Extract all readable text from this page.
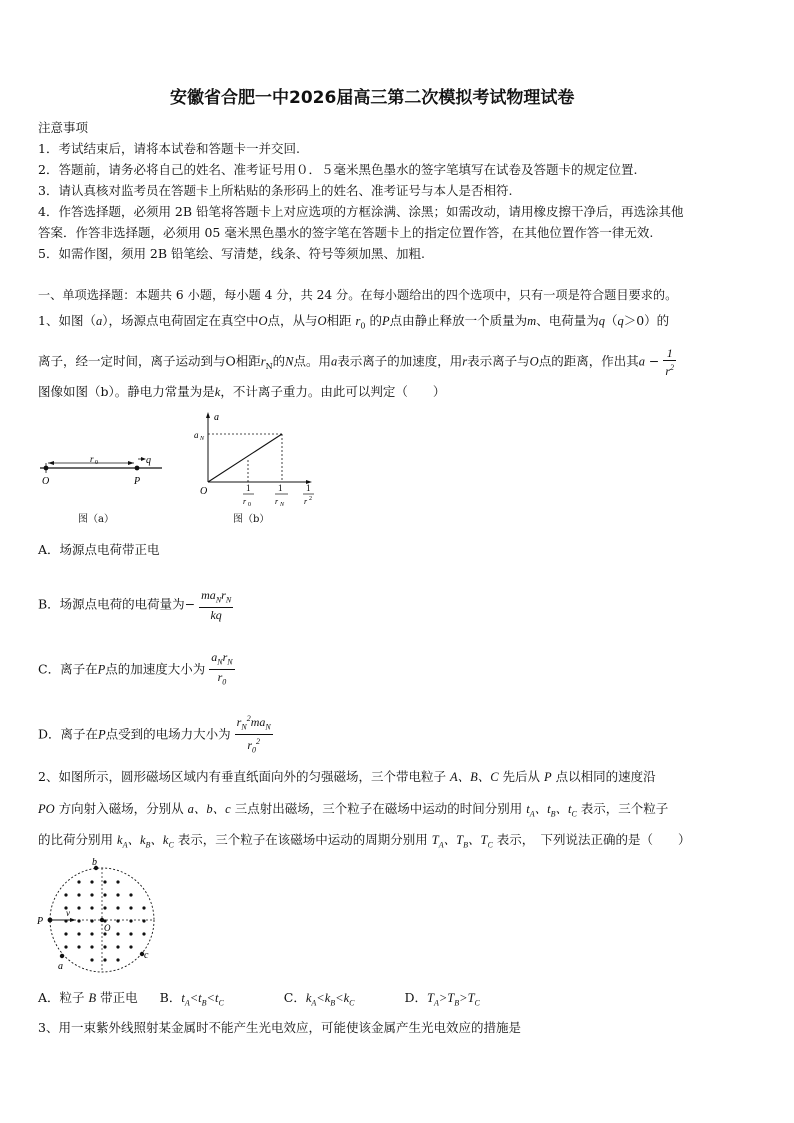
安徽省合肥一中2026届高三第二次模拟考试物理试卷
注意事项
1．考试结束后，请将本试卷和答题卡一并交回.
2．答题前，请务必将自己的姓名、准考证号用０．５毫米黑色墨水的签字笔填写在试卷及答题卡的规定位置.
3．请认真核对监考员在答题卡上所粘贴的条形码上的姓名、准考证号与本人是否相符.
4．作答选择题，必须用 2B 铅笔将答题卡上对应选项的方框涂满、涂黑；如需改动，请用橡皮擦干净后，再选涂其他
答案．作答非选择题，必须用 05 毫米黑色墨水的签字笔在答题卡上的指定位置作答，在其他位置作答一律无效.
5．如需作图，须用 2B 铅笔绘、写清楚，线条、符号等须加黑、加粗.
一、单项选择题：本题共 6 小题，每小题 4 分，共 24 分。在每小题给出的四个选项中，只有一项是符合题目要求的。
1、如图（a），场源点电荷固定在真空中O点，从与O相距 $r_0$ 的P点由静止释放一个质量为m、电荷量为q（q＞0）的
离子，经一定时间，离子运动到与O相距$r_N$的N点。用a表示离子的加速度，用r表示离子与O点的距离，作出其$a - \frac{1}{r^2}$
图像如图（b）。静电力常量为是k，不计离子重力。由此可以判定（　　）
r 0	q
O	P
图（a）
a
a N
O	1
r 0
1
r N
1
r 2
图（b）
A．场源点电荷带正电
B．场源点电荷的电荷量为− $\frac{ma_Nr_N}{kq}$
C．离子在P点的加速度大小为 $\frac{a_Nr_N}{r_0}$
D．离子在P点受到的电场力大小为 $\frac{r_N^2ma_N}{r_0^2}$
2、如图所示，圆形磁场区域内有垂直纸面向外的匀强磁场，三个带电粒子 A、B、C 先后从 P 点以相同的速度沿
PO 方向射入磁场，分别从 a、b、c 三点射出磁场，三个粒子在磁场中运动的时间分别用 $t_A$、$t_B$、$t_C$ 表示，三个粒子
的比荷分别用 $k_A$、$k_B$、$k_C$ 表示，三个粒子在该磁场中运动的周期分别用 $T_A$、$T_B$、$T_C$ 表示，　下列说法正确的是（　　）
v
P
b
a
c
O
A．粒子 B 带正电 B．$t_A<t_B<t_C$	C．$k_A<k_B<k_C$	D．$T_A>T_B>T_C$
3、用一束紫外线照射某金属时不能产生光电效应，可能使该金属产生光电效应的措施是
